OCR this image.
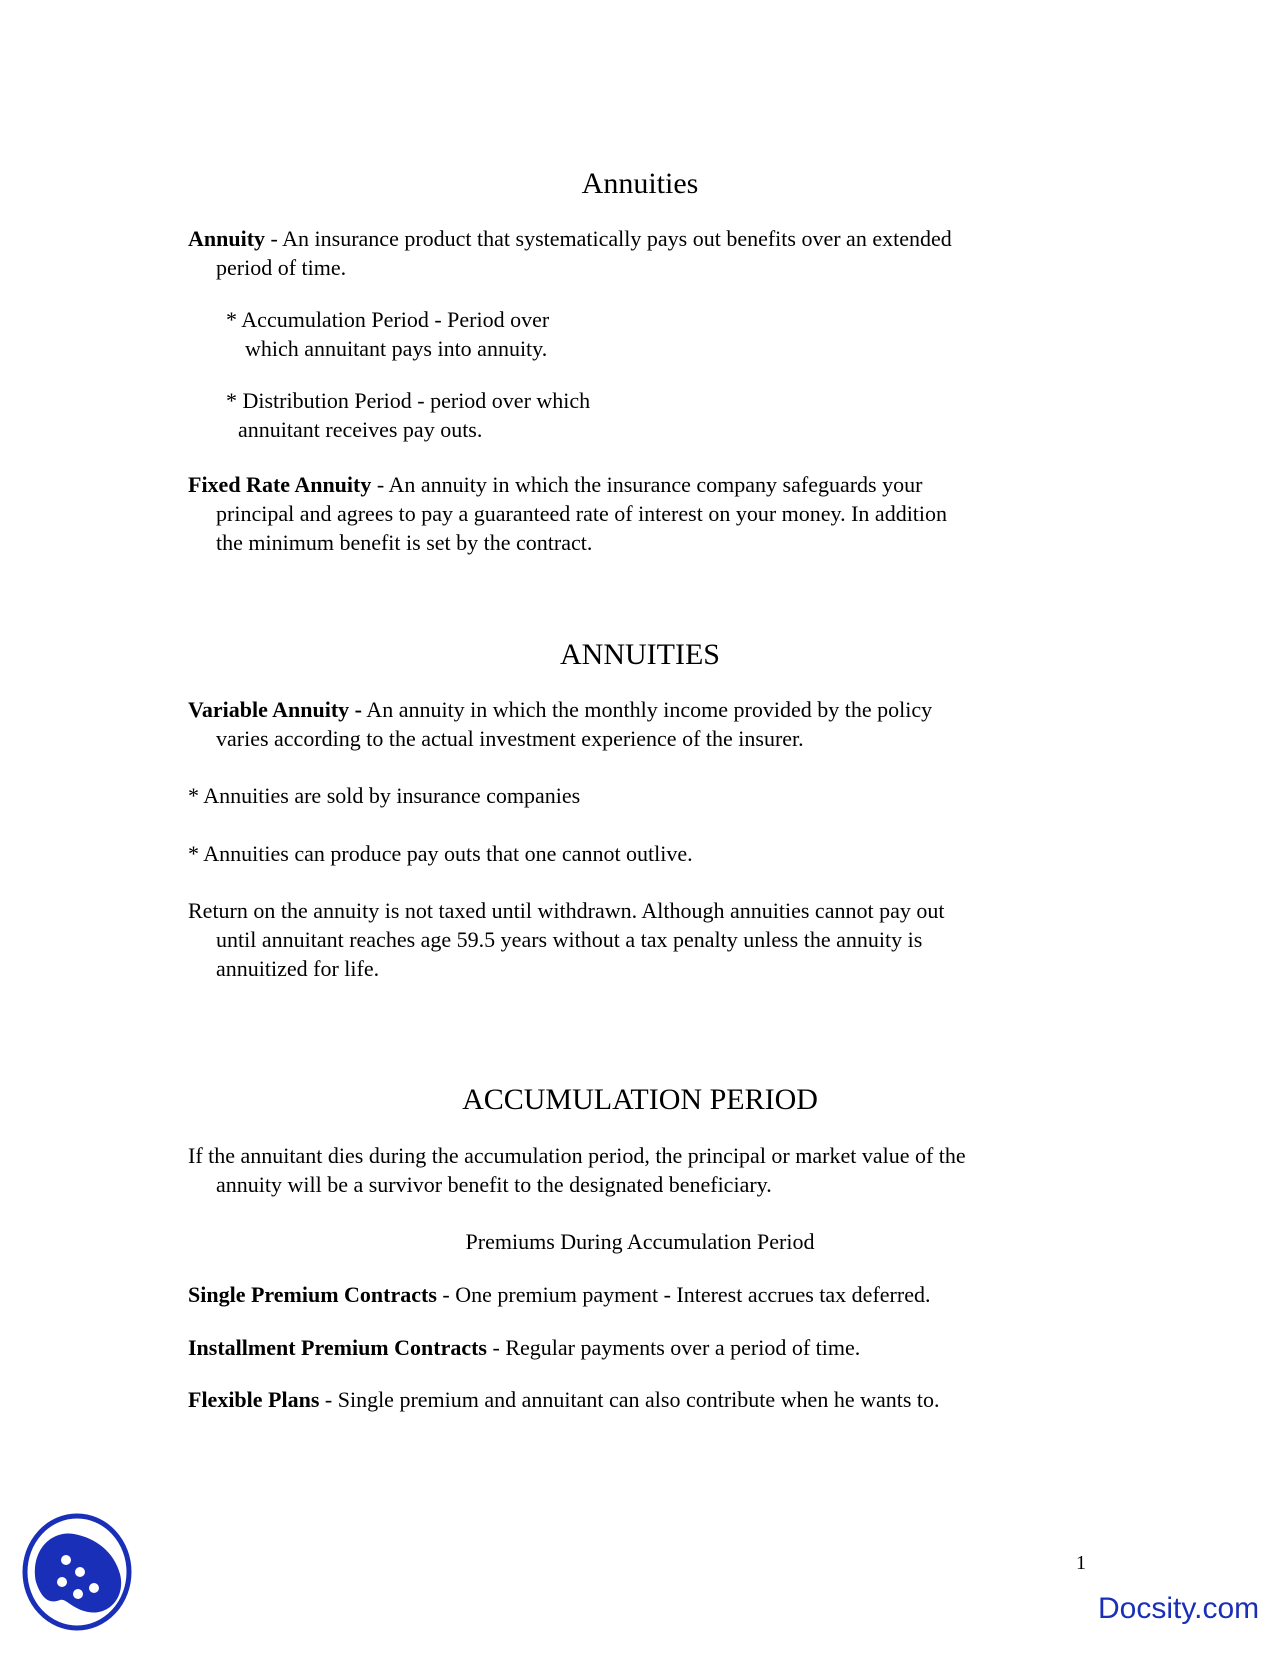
Annuities
Annuity - An insurance product that systematically pays out benefits over an extended
period of time.
* Accumulation Period - Period over
which annuitant pays into annuity.
* Distribution Period - period over which
annuitant receives pay outs.
Fixed Rate Annuity - An annuity in which the insurance company safeguards your
principal and agrees to pay a guaranteed rate of interest on your money. In addition
the minimum benefit is set by the contract.
ANNUITIES
Variable Annuity - An annuity in which the monthly income provided by the policy
varies according to the actual investment experience of the insurer.
* Annuities are sold by insurance companies
* Annuities can produce pay outs that one cannot outlive.
Return on the annuity is not taxed until withdrawn. Although annuities cannot pay out
until annuitant reaches age 59.5 years without a tax penalty unless the annuity is
annuitized for life.
ACCUMULATION PERIOD
If the annuitant dies during the accumulation period, the principal or market value of the
annuity will be a survivor benefit to the designated beneficiary.
Premiums During Accumulation Period
Single Premium Contracts - One premium payment - Interest accrues tax deferred.
Installment Premium Contracts - Regular payments over a period of time.
Flexible Plans - Single premium and annuitant can also contribute when he wants to.
1
Docsity.com
